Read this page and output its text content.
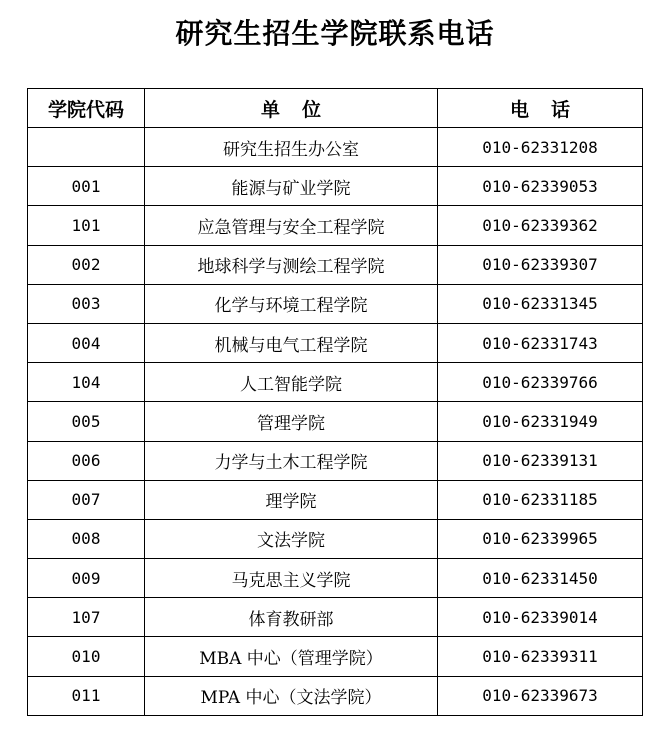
研究生招生学院联系电话
学院代码	单位	电话
	研究生招生办公室	010-62331208
001	能源与矿业学院	010-62339053
101	应急管理与安全工程学院	010-62339362
002	地球科学与测绘工程学院	010-62339307
003	化学与环境工程学院	010-62331345
004	机械与电气工程学院	010-62331743
104	人工智能学院	010-62339766
005	管理学院	010-62331949
006	力学与土木工程学院	010-62339131
007	理学院	010-62331185
008	文法学院	010-62339965
009	马克思主义学院	010-62331450
107	体育教研部	010-62339014
010	MBA 中心（管理学院）	010-62339311
011	MPA 中心（文法学院）	010-62339673
